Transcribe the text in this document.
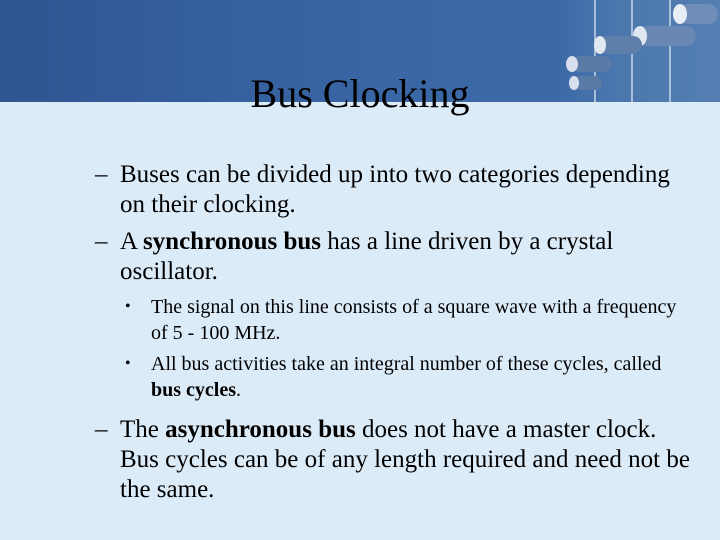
Bus Clocking

– Buses can be divided up into two categories depending on their clocking.

– A synchronous bus has a line driven by a crystal oscillator.

• The signal on this line consists of a square wave with a frequency of 5 - 100 MHz.

• All bus activities take an integral number of these cycles, called bus cycles.

– The asynchronous bus does not have a master clock. Bus cycles can be of any length required and need not be the same.
